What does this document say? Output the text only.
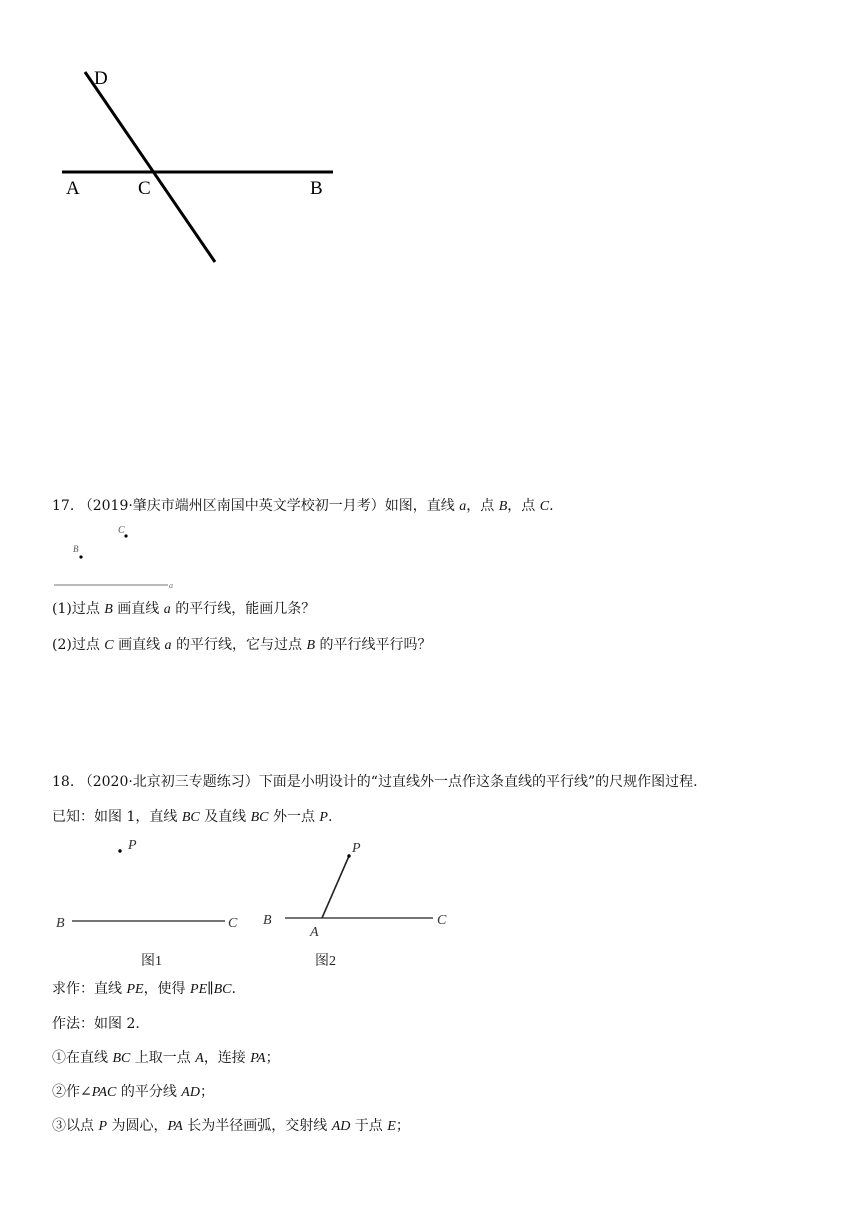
D
A	C	B
17. （2019·肇庆市端州区南国中英文学校初一月考）如图，直线 a，点 B，点 C.
C
B
a
(1)过点 B 画直线 a 的平行线，能画几条？
(2)过点 C 画直线 a 的平行线，它与过点 B 的平行线平行吗？
18. （2020·北京初三专题练习）下面是小明设计的“过直线外一点作这条直线的平行线”的尺规作图过程.
已知：如图 1，直线 BC 及直线 BC 外一点 P.
P
B	C
图1
P
B
A
C
图2
求作：直线 PE，使得 PE∥BC.
作法：如图 2.
①在直线 BC 上取一点 A，连接 PA；
②作∠PAC 的平分线 AD；
③以点 P 为圆心，PA 长为半径画弧，交射线 AD 于点 E；
